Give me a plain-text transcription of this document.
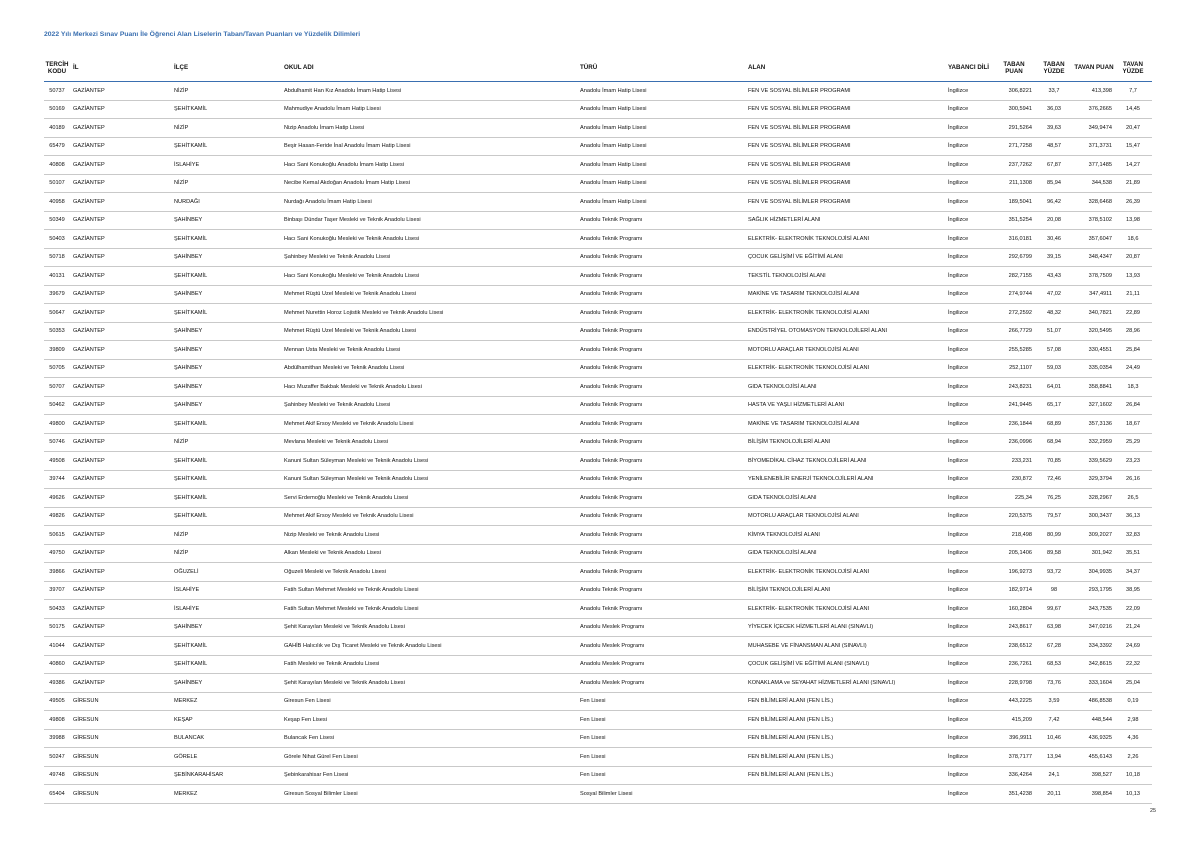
2022 Yılı Merkezi Sınav Puanı İle Öğrenci Alan Liselerin Taban/Tavan Puanları ve Yüzdelik Dilimleri
TERCİH KODU	İL	İLÇE	OKUL ADI	TÜRÜ	ALAN	YABANCI DİLİ	TABAN PUAN	TABAN YÜZDE	TAVAN PUAN	TAVAN YÜZDE
50737	GAZİANTEP	NİZİP	Abdulhamit Han Kız Anadolu İmam Hatip Lisesi	Anadolu İmam Hatip Lisesi	FEN VE SOSYAL BİLİMLER PROGRAMI	İngilizce	306,8221	33,7	413,398	7,7
50169	GAZİANTEP	ŞEHİTKAMİL	Mahmudiye Anadolu İmam Hatip Lisesi	Anadolu İmam Hatip Lisesi	FEN VE SOSYAL BİLİMLER PROGRAMI	İngilizce	300,5941	36,03	376,2665	14,45
40189	GAZİANTEP	NİZİP	Nizip Anadolu İmam Hatip Lisesi	Anadolu İmam Hatip Lisesi	FEN VE SOSYAL BİLİMLER PROGRAMI	İngilizce	291,5264	39,63	349,9474	20,47
65479	GAZİANTEP	ŞEHİTKAMİL	Beşir Hasan-Feride İnal Anadolu İmam Hatip Lisesi	Anadolu İmam Hatip Lisesi	FEN VE SOSYAL BİLİMLER PROGRAMI	İngilizce	271,7258	48,57	371,3731	15,47
40808	GAZİANTEP	İSLAHİYE	Hacı Sani Konukoğlu Anadolu İmam Hatip Lisesi	Anadolu İmam Hatip Lisesi	FEN VE SOSYAL BİLİMLER PROGRAMI	İngilizce	237,7262	67,87	377,1485	14,27
50107	GAZİANTEP	NİZİP	Necibe Kemal Akdoğan Anadolu İmam Hatip Lisesi	Anadolu İmam Hatip Lisesi	FEN VE SOSYAL BİLİMLER PROGRAMI	İngilizce	211,1308	85,94	344,538	21,89
40958	GAZİANTEP	NURDAĞI	Nurdağı Anadolu İmam Hatip Lisesi	Anadolu İmam Hatip Lisesi	FEN VE SOSYAL BİLİMLER PROGRAMI	İngilizce	189,5041	96,42	328,6468	26,39
50349	GAZİANTEP	ŞAHİNBEY	Binbaşı Dündar Taşer Mesleki ve Teknik Anadolu Lisesi	Anadolu Teknik Programı	SAĞLIK HİZMETLERİ ALANI	İngilizce	351,5254	20,08	378,5102	13,98
50403	GAZİANTEP	ŞEHİTKAMİL	Hacı Sani Konukoğlu Mesleki ve Teknik Anadolu Lisesi	Anadolu Teknik Programı	ELEKTRİK- ELEKTRONİK TEKNOLOJİSİ ALANI	İngilizce	316,0181	30,46	357,6047	18,6
50718	GAZİANTEP	ŞAHİNBEY	Şahinbey Mesleki ve Teknik Anadolu Lisesi	Anadolu Teknik Programı	ÇOCUK GELİŞİMİ VE EĞİTİMİ ALANI	İngilizce	292,6799	39,15	348,4347	20,87
40131	GAZİANTEP	ŞEHİTKAMİL	Hacı Sani Konukoğlu Mesleki ve Teknik Anadolu Lisesi	Anadolu Teknik Programı	TEKSTİL TEKNOLOJİSİ ALANI	İngilizce	282,7155	43,43	378,7509	13,93
39679	GAZİANTEP	ŞAHİNBEY	Mehmet Rüştü Uzel Mesleki ve Teknik Anadolu Lisesi	Anadolu Teknik Programı	MAKİNE VE TASARIM TEKNOLOJİSİ ALANI	İngilizce	274,9744	47,02	347,4911	21,11
50647	GAZİANTEP	ŞEHİTKAMİL	Mehmet Nurettin Horoz Lojistik Mesleki ve Teknik Anadolu Lisesi	Anadolu Teknik Programı	ELEKTRİK- ELEKTRONİK TEKNOLOJİSİ ALANI	İngilizce	272,2592	48,32	340,7821	22,89
50353	GAZİANTEP	ŞAHİNBEY	Mehmet Rüştü Uzel Mesleki ve Teknik Anadolu Lisesi	Anadolu Teknik Programı	ENDÜSTRİYEL OTOMASYON TEKNOLOJİLERİ ALANI	İngilizce	266,7729	51,07	320,5495	28,96
39809	GAZİANTEP	ŞAHİNBEY	Mennan Usta Mesleki ve Teknik Anadolu Lisesi	Anadolu Teknik Programı	MOTORLU ARAÇLAR TEKNOLOJİSİ ALANI	İngilizce	255,5285	57,08	330,4551	25,84
50705	GAZİANTEP	ŞAHİNBEY	Abdülhamithan Mesleki ve Teknik Anadolu Lisesi	Anadolu Teknik Programı	ELEKTRİK- ELEKTRONİK TEKNOLOJİSİ ALANI	İngilizce	252,1107	59,03	335,0354	24,49
50707	GAZİANTEP	ŞAHİNBEY	Hacı Muzaffer Bakbak Mesleki ve Teknik Anadolu Lisesi	Anadolu Teknik Programı	GIDA TEKNOLOJİSİ ALANI	İngilizce	243,8231	64,01	358,8841	18,3
50462	GAZİANTEP	ŞAHİNBEY	Şahinbey Mesleki ve Teknik Anadolu Lisesi	Anadolu Teknik Programı	HASTA VE YAŞLI HİZMETLERİ ALANI	İngilizce	241,9445	65,17	327,1602	26,84
49800	GAZİANTEP	ŞEHİTKAMİL	Mehmet Akif Ersoy Mesleki ve Teknik Anadolu Lisesi	Anadolu Teknik Programı	MAKİNE VE TASARIM TEKNOLOJİSİ ALANI	İngilizce	236,1844	68,89	357,3136	18,67
50746	GAZİANTEP	NİZİP	Mevlana Mesleki ve Teknik Anadolu Lisesi	Anadolu Teknik Programı	BİLİŞİM TEKNOLOJİLERİ ALANI	İngilizce	236,0996	68,94	332,2959	25,29
49508	GAZİANTEP	ŞEHİTKAMİL	Kanuni Sultan Süleyman Mesleki ve Teknik Anadolu Lisesi	Anadolu Teknik Programı	BİYOMEDİKAL CİHAZ TEKNOLOJİLERİ ALANI	İngilizce	233,231	70,85	339,5629	23,23
39744	GAZİANTEP	ŞEHİTKAMİL	Kanuni Sultan Süleyman Mesleki ve Teknik Anadolu Lisesi	Anadolu Teknik Programı	YENİLENEBİLİR ENERJİ TEKNOLOJİLERİ ALANI	İngilizce	230,872	72,46	329,3794	26,16
49626	GAZİANTEP	ŞEHİTKAMİL	Servi Erdemoğlu Mesleki ve Teknik Anadolu Lisesi	Anadolu Teknik Programı	GIDA TEKNOLOJİSİ ALANI	İngilizce	225,34	76,25	328,2967	26,5
49826	GAZİANTEP	ŞEHİTKAMİL	Mehmet Akif Ersoy Mesleki ve Teknik Anadolu Lisesi	Anadolu Teknik Programı	MOTORLU ARAÇLAR TEKNOLOJİSİ ALANI	İngilizce	220,5375	79,57	300,3437	36,13
50615	GAZİANTEP	NİZİP	Nizip Mesleki ve Teknik Anadolu Lisesi	Anadolu Teknik Programı	KİMYA TEKNOLOJİSİ ALANI	İngilizce	218,498	80,99	309,2027	32,83
49750	GAZİANTEP	NİZİP	Alkan Mesleki ve Teknik Anadolu Lisesi	Anadolu Teknik Programı	GIDA TEKNOLOJİSİ ALANI	İngilizce	205,1406	89,58	301,942	35,51
39866	GAZİANTEP	OĞUZELİ	Oğuzeli Mesleki ve Teknik Anadolu Lisesi	Anadolu Teknik Programı	ELEKTRİK- ELEKTRONİK TEKNOLOJİSİ ALANI	İngilizce	196,9273	93,72	304,9935	34,37
39707	GAZİANTEP	İSLAHİYE	Fatih Sultan Mehmet Mesleki ve Teknik Anadolu Lisesi	Anadolu Teknik Programı	BİLİŞİM TEKNOLOJİLERİ ALANI	İngilizce	182,9714	98	293,1795	38,95
50433	GAZİANTEP	İSLAHİYE	Fatih Sultan Mehmet Mesleki ve Teknik Anadolu Lisesi	Anadolu Teknik Programı	ELEKTRİK- ELEKTRONİK TEKNOLOJİSİ ALANI	İngilizce	160,2804	99,67	343,7535	22,09
50175	GAZİANTEP	ŞAHİNBEY	Şehit Karayılan Mesleki ve Teknik Anadolu Lisesi	Anadolu Meslek Programı	YİYECEK İÇECEK HİZMETLERİ ALANI (SINAVLI)	İngilizce	243,8617	63,98	347,0216	21,24
41044	GAZİANTEP	ŞEHİTKAMİL	GAHİB Halıcılık ve Dış Ticaret Mesleki ve Teknik Anadolu Lisesi	Anadolu Meslek Programı	MUHASEBE VE FİNANSMAN ALANI (SINAVLI)	İngilizce	238,6512	67,28	334,3392	24,69
40860	GAZİANTEP	ŞEHİTKAMİL	Fatih Mesleki ve Teknik Anadolu Lisesi	Anadolu Meslek Programı	ÇOCUK GELİŞİMİ VE EĞİTİMİ ALANI (SINAVLI)	İngilizce	236,7261	68,53	342,8615	22,32
49386	GAZİANTEP	ŞAHİNBEY	Şehit Karayılan Mesleki ve Teknik Anadolu Lisesi	Anadolu Meslek Programı	KONAKLAMA ve SEYAHAT HİZMETLERİ ALANI (SINAVLI)	İngilizce	228,9798	73,76	333,1604	25,04
49505	GİRESUN	MERKEZ	Giresun Fen Lisesi	Fen Lisesi	FEN BİLİMLERİ ALANI (FEN LİS.)	İngilizce	443,2225	3,59	486,8538	0,19
49808	GİRESUN	KEŞAP	Keşap Fen Lisesi	Fen Lisesi	FEN BİLİMLERİ ALANI (FEN LİS.)	İngilizce	415,209	7,42	448,544	2,98
39988	GİRESUN	BULANCAK	Bulancak Fen Lisesi	Fen Lisesi	FEN BİLİMLERİ ALANI (FEN LİS.)	İngilizce	396,9911	10,46	436,9325	4,36
50247	GİRESUN	GÖRELE	Görele Nihat Gürel Fen Lisesi	Fen Lisesi	FEN BİLİMLERİ ALANI (FEN LİS.)	İngilizce	378,7177	13,94	455,6143	2,26
49748	GİRESUN	ŞEBİNKARAHİSAR	Şebinkarahisar Fen Lisesi	Fen Lisesi	FEN BİLİMLERİ ALANI (FEN LİS.)	İngilizce	336,4264	24,1	398,527	10,18
65404	GİRESUN	MERKEZ	Giresun Sosyal Bilimler Lisesi	Sosyal Bilimler Lisesi		İngilizce	351,4238	20,11	398,854	10,13
25
